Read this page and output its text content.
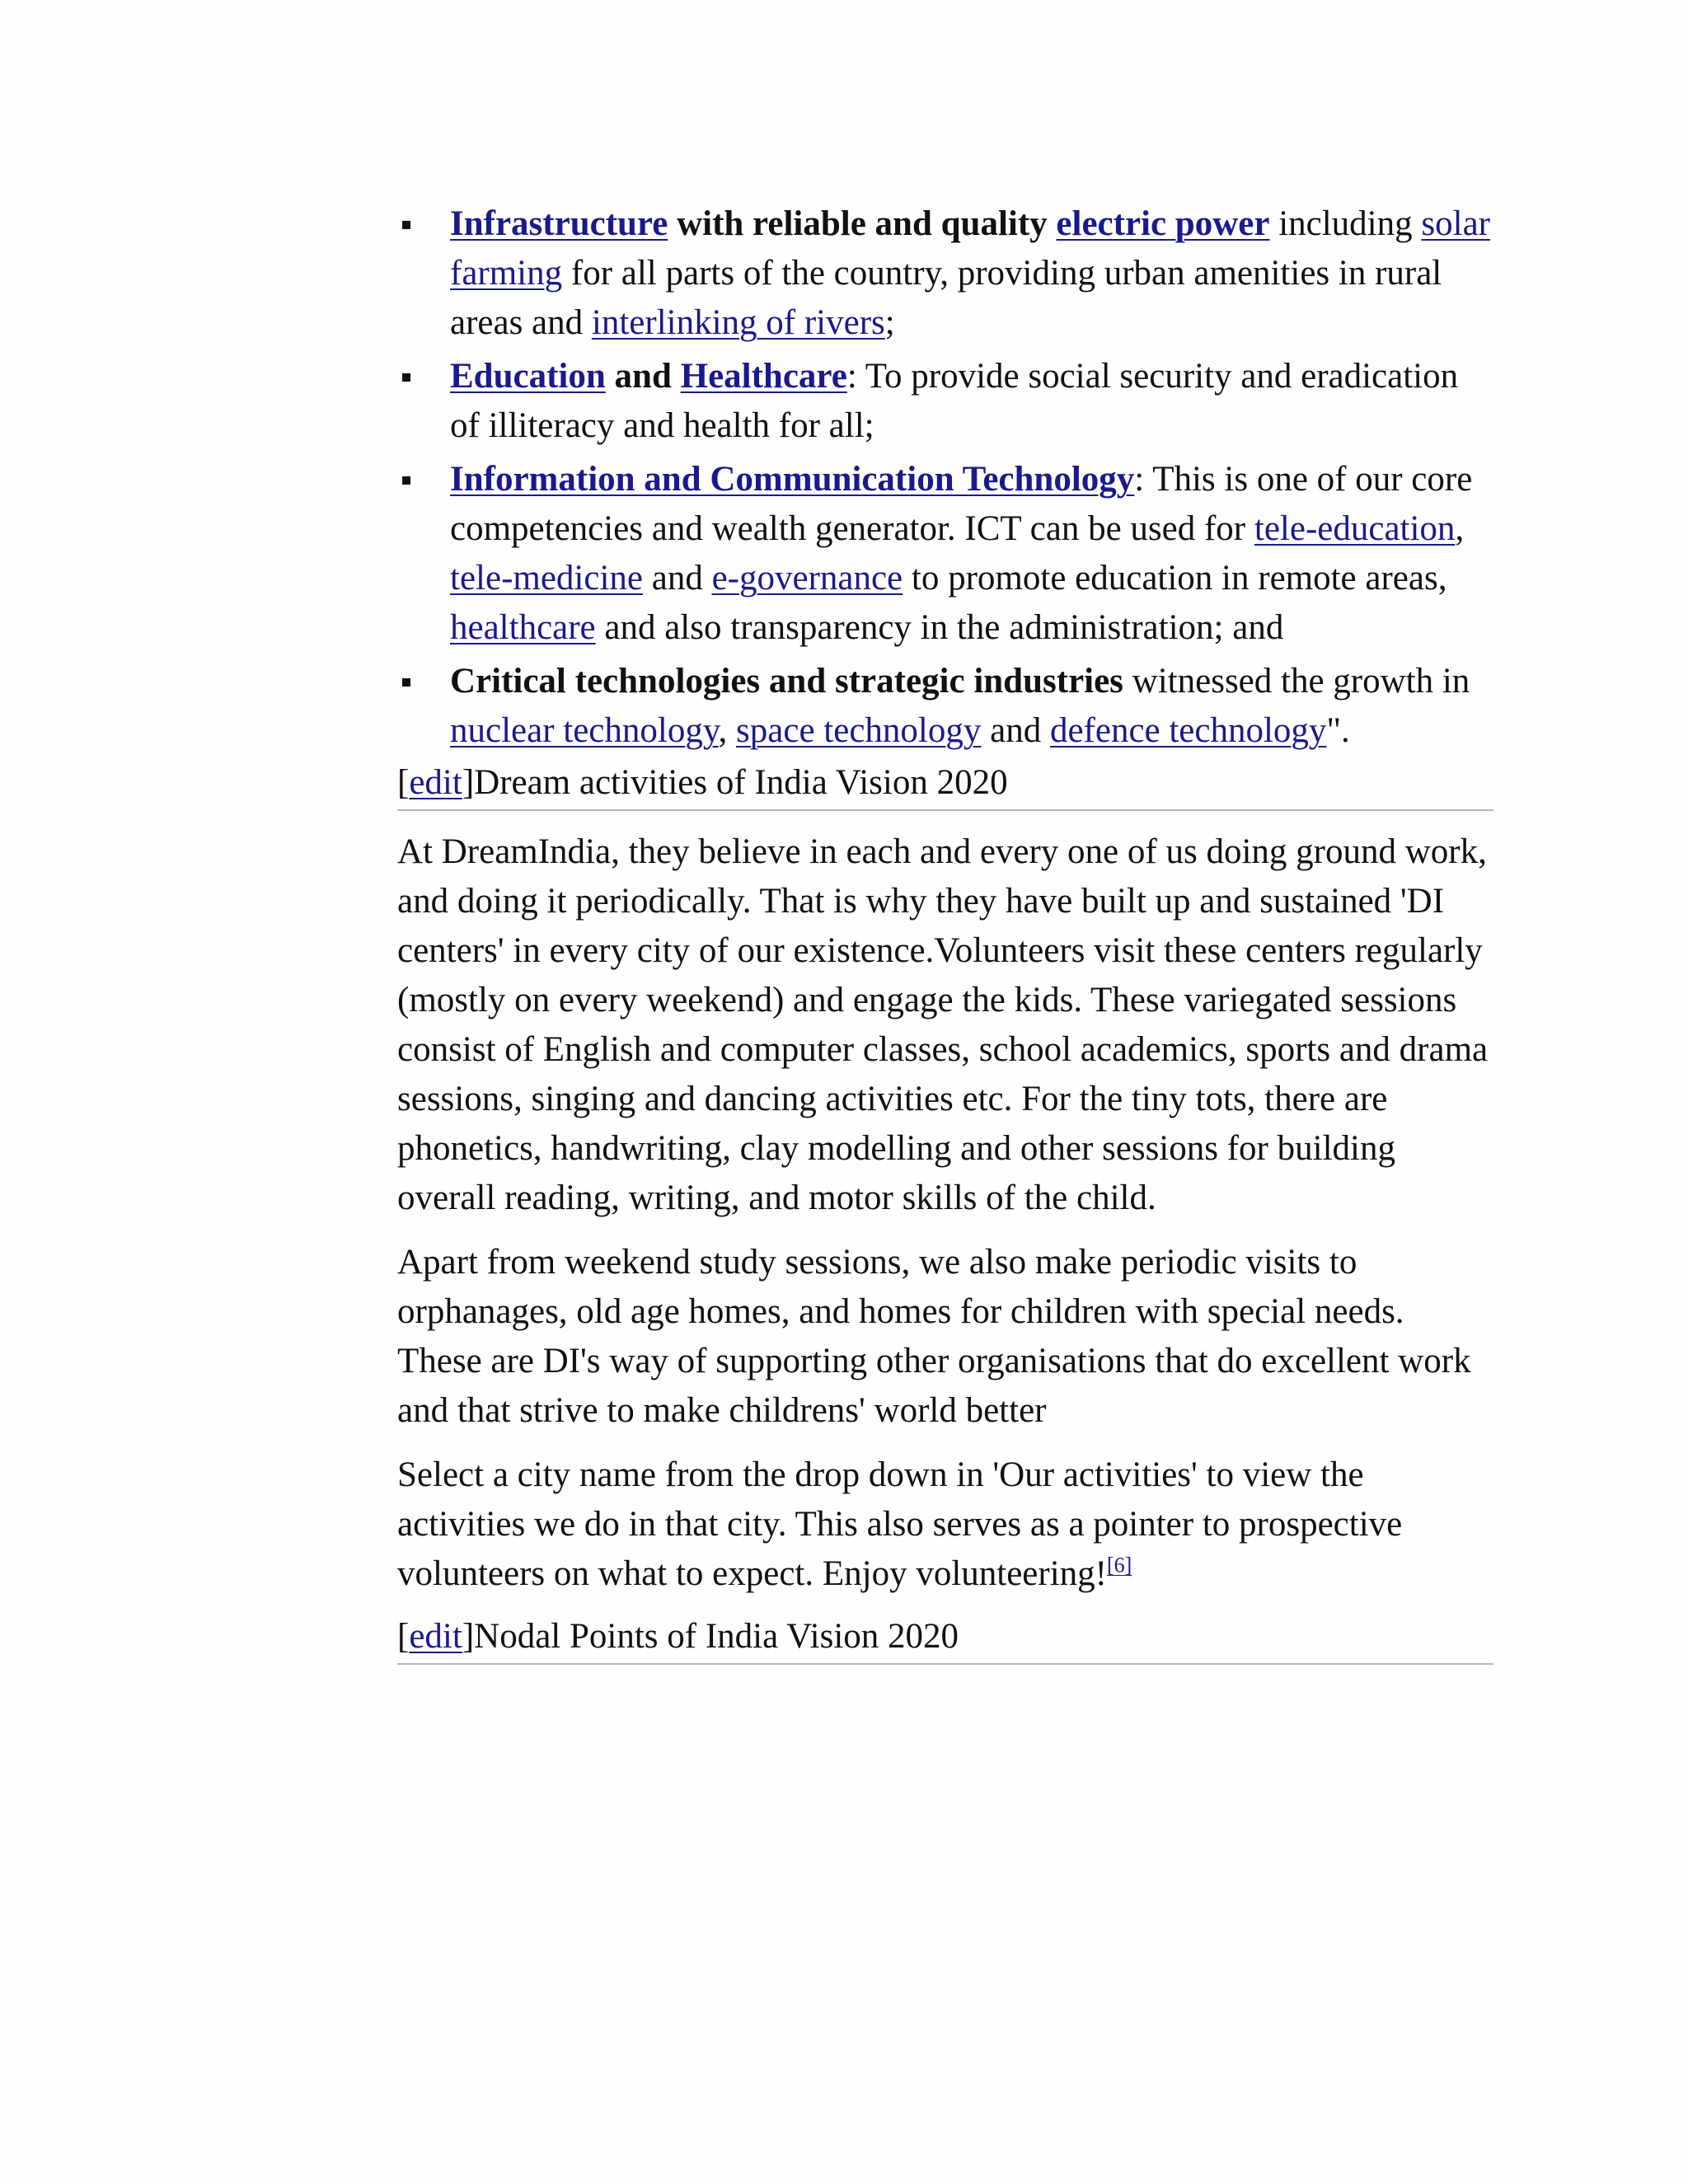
Infrastructure with reliable and quality electric power including solar farming for all parts of the country, providing urban amenities in rural areas and interlinking of rivers;
Education and Healthcare: To provide social security and eradication of illiteracy and health for all;
Information and Communication Technology: This is one of our core competencies and wealth generator. ICT can be used for tele-education, tele-medicine and e-governance to promote education in remote areas, healthcare and also transparency in the administration; and
Critical technologies and strategic industries witnessed the growth in nuclear technology, space technology and defence technology".
[edit]Dream activities of India Vision 2020

At DreamIndia, they believe in each and every one of us doing ground work, and doing it periodically. That is why they have built up and sustained 'DI centers' in every city of our existence.Volunteers visit these centers regularly (mostly on every weekend) and engage the kids. These variegated sessions consist of English and computer classes, school academics, sports and drama sessions, singing and dancing activities etc. For the tiny tots, there are phonetics, handwriting, clay modelling and other sessions for building overall reading, writing, and motor skills of the child.

Apart from weekend study sessions, we also make periodic visits to orphanages, old age homes, and homes for children with special needs. These are DI's way of supporting other organisations that do excellent work and that strive to make childrens' world better

Select a city name from the drop down in 'Our activities' to view the activities we do in that city. This also serves as a pointer to prospective volunteers on what to expect. Enjoy volunteering![6]

[edit]Nodal Points of India Vision 2020
